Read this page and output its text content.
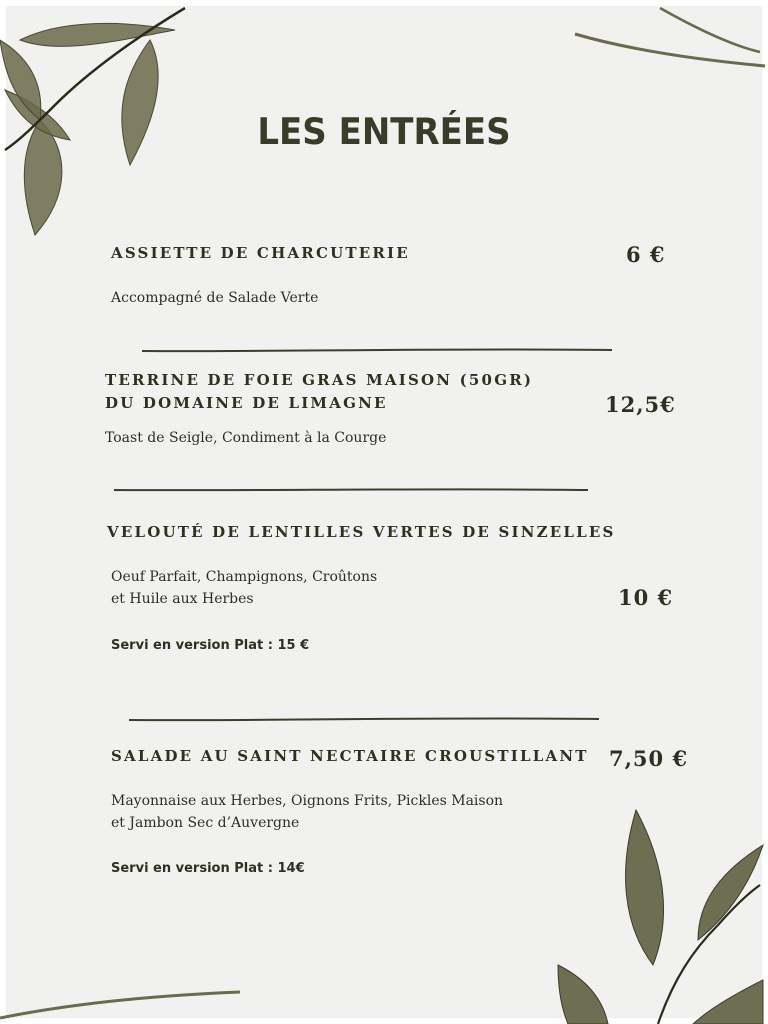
LES ENTRÉES
ASSIETTE DE CHARCUTERIE	6 €
Accompagné de Salade Verte
TERRINE DE FOIE GRAS MAISON (50GR)
DU DOMAINE DE LIMAGNE	12,5€
Toast de Seigle, Condiment à la Courge
VELOUTÉ DE LENTILLES VERTES DE SINZELLES
Oeuf Parfait, Champignons, Croûtons
et Huile aux Herbes	10 €
Servi en version Plat : 15 €
SALADE AU SAINT NECTAIRE CROUSTILLANT 7,50 €
Mayonnaise aux Herbes, Oignons Frits, Pickles Maison
et Jambon Sec d’Auvergne
Servi en version Plat : 14€
